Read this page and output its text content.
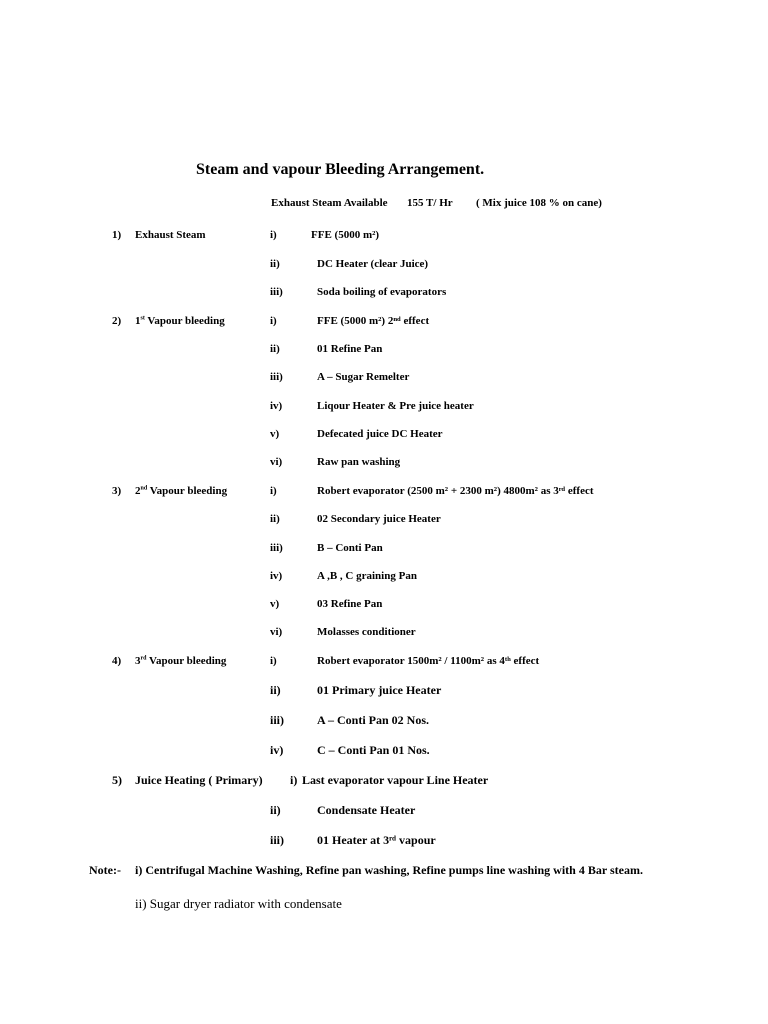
Steam and vapour Bleeding Arrangement.
Exhaust Steam Available 155 T/ Hr ( Mix juice 108 % on cane)
1) Exhaust Steam	i)	FFE (5000 m²)
ii)	DC Heater (clear Juice)
iii)	Soda boiling of evaporators
2) 1st Vapour bleeding	i)	FFE (5000 m²) 2ⁿᵈ effect
ii)	01 Refine Pan
iii)	A – Sugar Remelter
iv)	Liqour Heater & Pre juice heater
v)	Defecated juice DC Heater
vi)	Raw pan washing
3) 2nd Vapour bleeding	i)	Robert evaporator (2500 m² + 2300 m²) 4800m² as 3ʳᵈ effect
ii)	02 Secondary juice Heater
iii)	B – Conti Pan
iv)	A ,B , C graining Pan
v)	03 Refine Pan
vi)	Molasses conditioner
4) 3rd Vapour bleeding	i)	Robert evaporator 1500m² / 1100m² as 4ᵗʰ effect
ii)	01 Primary juice Heater
iii)	A – Conti Pan 02 Nos.
iv)	C – Conti Pan 01 Nos.
5) Juice Heating ( Primary) i) Last evaporator vapour Line Heater
ii)	Condensate Heater
iii)	01 Heater at 3ʳᵈ vapour
Note:- i) Centrifugal Machine Washing, Refine pan washing, Refine pumps line washing with 4 Bar steam.
ii) Sugar dryer radiator with condensate
